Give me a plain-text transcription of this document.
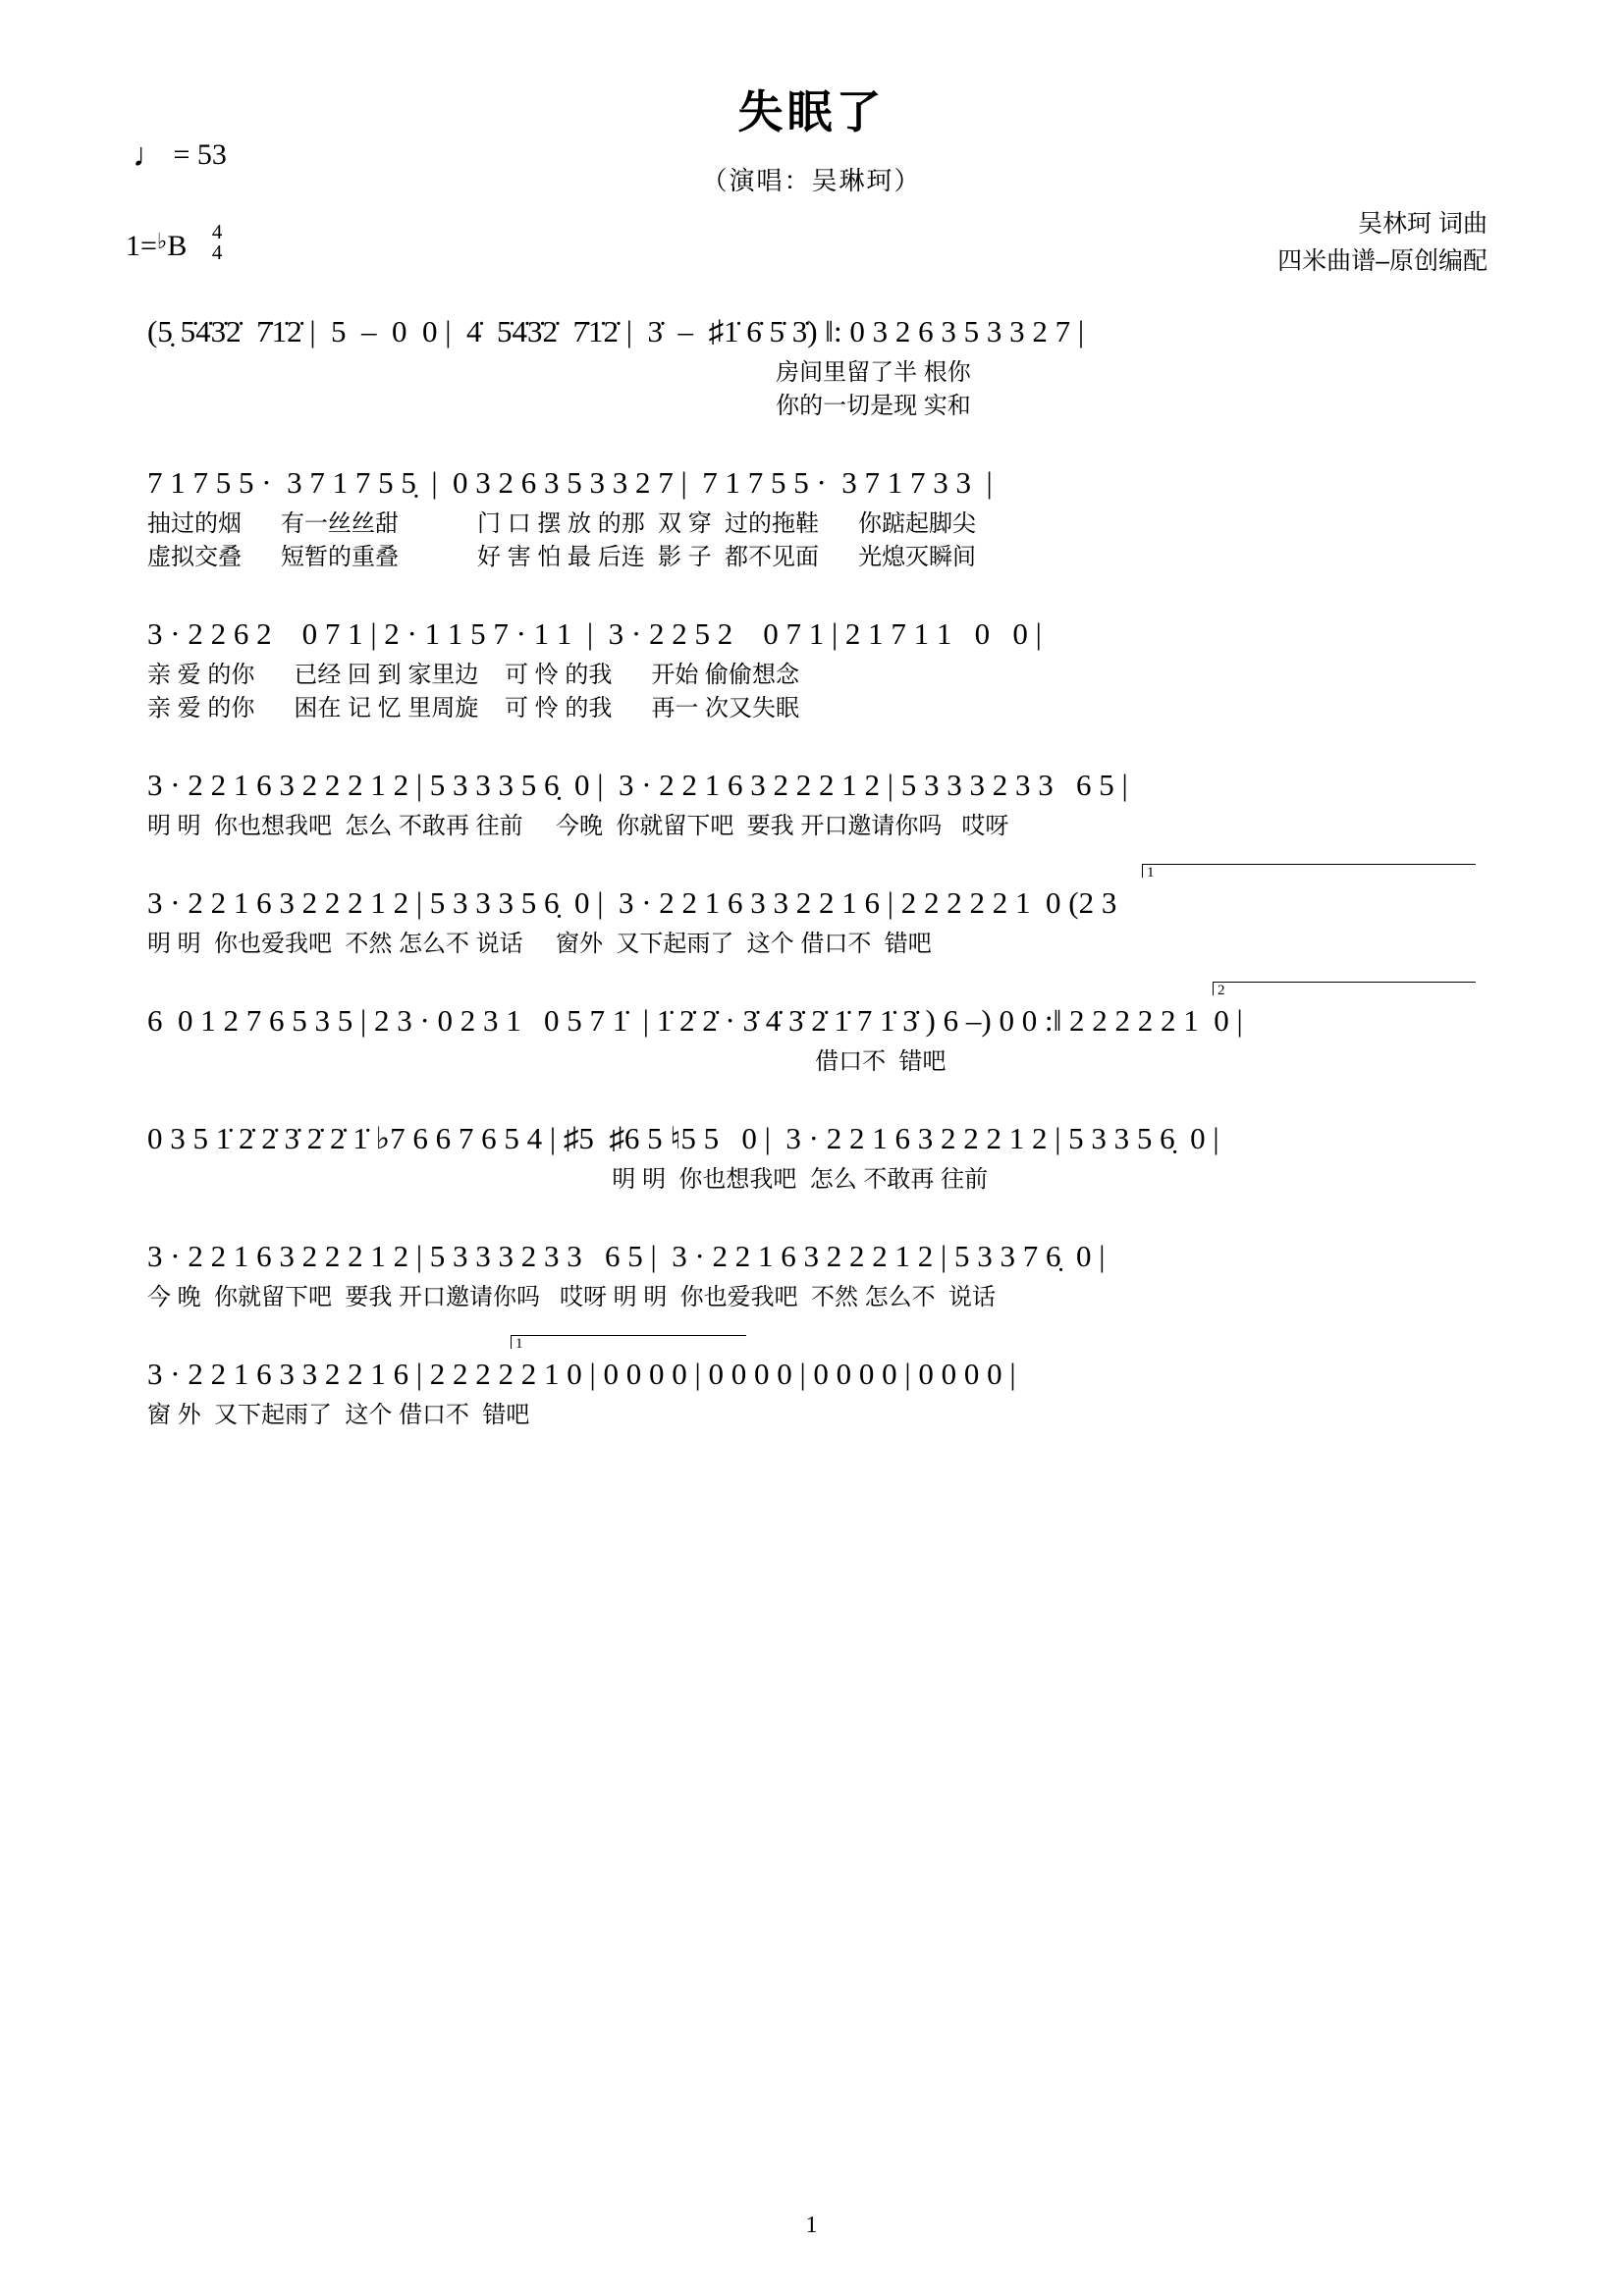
失眠了
（演唱：吴琳珂）
♩ = 53
1=♭B 4
4
吴林珂 词曲
四米曲谱–原创编配
(5̣ 5̇4̇3̇2̇  7̇1̇2̇ |  5  –  0  0 |  4̇  5̇4̇3̇2̇  7̇1̇2̇ |  3̇  –  ♯1̇ 6̇ 5̇ 3̇) ‖: 0 3 2 6 3 5 3 3 2 7 |
房间里留了半 根你
你的一切是现 实和
7 1 7 5 5 ·  3 7 1 7 5 5̣  |  0 3 2 6 3 5 3 3 2 7 |  7 1 7 5 5 ·  3 7 1 7 3 3  |
抽过的烟      有一丝丝甜            门 口 摆 放 的那  双 穿  过的拖鞋      你踮起脚尖
虚拟交叠      短暂的重叠            好 害 怕 最 后连  影 子  都不见面      光熄灭瞬间
3 · 2 2 6 2    0 7 1 | 2 · 1 1 5 7 · 1 1  |  3 · 2 2 5 2    0 7 1 | 2 1 7 1 1   0   0 |
亲 爱 的你      已经 回 到 家里边    可 怜 的我      开始 偷偷想念
亲 爱 的你      困在 记 忆 里周旋    可 怜 的我      再一 次又失眠
3 · 2 2 1 6 3 2 2 2 1 2 | 5 3 3 3 5 6̣  0 |  3 · 2 2 1 6 3 2 2 2 1 2 | 5 3 3 3 2 3 3   6 5 |
明 明  你也想我吧  怎么 不敢再 往前     今晚  你就留下吧  要我 开口邀请你吗   哎呀
1
3 · 2 2 1 6 3 2 2 2 1 2 | 5 3 3 3 5 6̣  0 |  3 · 2 2 1 6 3 3 2 2 1 6 | 2 2 2 2 2 1  0 (2 3
明 明  你也爱我吧  不然 怎么不 说话     窗外  又下起雨了  这个 借口不  错吧
2
6  0 1 2 7 6 5 3 5 | 2 3 · 0 2 3 1   0 5 7 1̇  | 1̇ 2̇ 2̇ · 3̇ 4̇ 3̇ 2̇ 1̇ 7 1̇ 3̇ ) 6 –) 0 0 :‖ 2 2 2 2 2 1  0 |
借口不  错吧
0 3 5 1̇ 2̇ 2̇ 3̇ 2̇ 2̇ 1̇ ♭7 6 6 7 6 5 4 | ♯5  ♯6 5 ♮5 5   0 |  3 · 2 2 1 6 3 2 2 2 1 2 | 5 3 3 5 6̣  0 |
明 明  你也想我吧  怎么 不敢再 往前
3 · 2 2 1 6 3 2 2 2 1 2 | 5 3 3 3 2 3 3   6 5 |  3 · 2 2 1 6 3 2 2 2 1 2 | 5 3 3 7 6̣  0 |
今 晚  你就留下吧  要我 开口邀请你吗   哎呀 明 明  你也爱我吧  不然 怎么不  说话
1
3 · 2 2 1 6 3 3 2 2 1 6 | 2 2 2 2 2 1 0 | 0 0 0 0 | 0 0 0 0 | 0 0 0 0 | 0 0 0 0 |
窗 外  又下起雨了  这个 借口不  错吧
1
